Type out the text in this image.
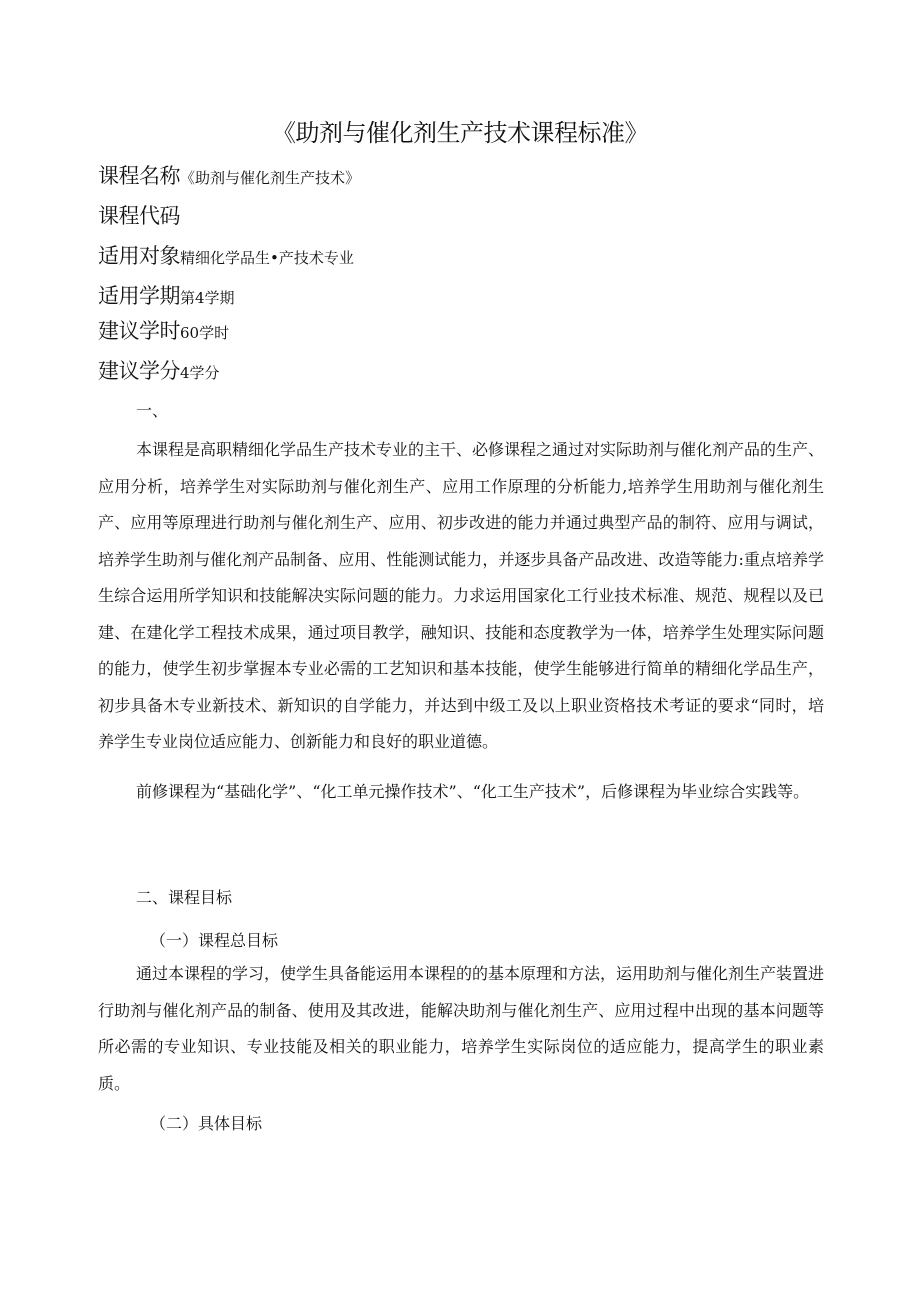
《助剂与催化剂生产技术课程标准》
课程名称《助剂与催化剂生产技术》
课程代码
适用对象精细化学品生•产技术专业
适用学期第4学期
建议学时60学时
建议学分4学分
一、

本课程是高职精细化学品生产技术专业的主干、必修课程之通过对实际助剂与催化剂产品的生产、应用分析，培养学生对实际助剂与催化剂生产、应用工作原理的分析能力,培养学生用助剂与催化剂生产、应用等原理进行助剂与催化剂生产、应用、初步改进的能力并通过典型产品的制符、应用与调试，培养学生助剂与催化剂产品制备、应用、性能测试能力，并逐步具备产品改进、改造等能力:重点培养学生综合运用所学知识和技能解决实际问题的能力。力求运用国家化工行业技术标准、规范、规程以及已建、在建化学工程技术成果，通过项目教学，融知识、技能和态度教学为一体，培养学生处理实际问题的能力，使学生初步掌握本专业必需的工艺知识和基本技能，使学生能够进行简单的精细化学品生产，初步具备木专业新技术、新知识的自学能力，并达到中级工及以上职业资格技术考证的要求“同时，培养学生专业岗位适应能力、创新能力和良好的职业道德。

前修课程为“基础化学”、“化工单元操作技术”、“化工生产技术”，后修课程为毕业综合实践等。

二、课程目标
（一）课程总目标

通过本课程的学习，使学生具备能运用本课程的的基本原理和方法，运用助剂与催化剂生产装置进行助剂与催化剂产品的制备、使用及其改进，能解决助剂与催化剂生产、应用过程中出现的基本问题等所必需的专业知识、专业技能及相关的职业能力，培养学生实际岗位的适应能力，提高学生的职业素质。

（二）具体目标
